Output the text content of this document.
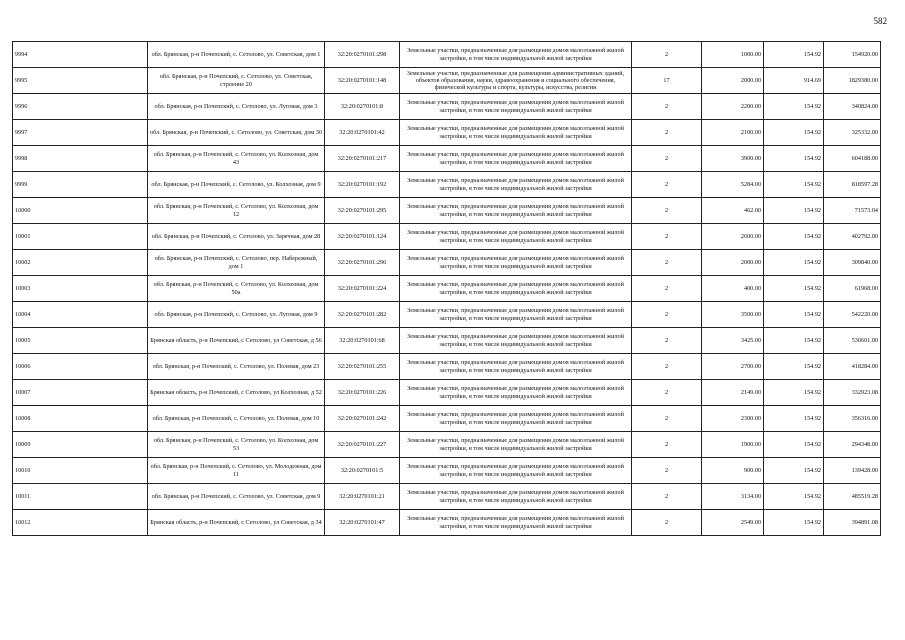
582
9994	обл. Брянская, р-н Почепский, с. Сетолово, ул. Советская, дом 1	32:20:0270101:298	Земельные участки, предназначенные для размещения домов малоэтажной жилой застройки, в том числе индивидуальной жилой застройки	2	1000.00	154.92	154920.00
9995	обл. Брянская, р-н Почепский, с. Сетолово, ул. Советская, строение 20	32:20:0270101:148	Земельные участки, предназначенные для размещения административных зданий, объектов образования, науки, здравоохранения и социального обеспечения, физической культуры и спорта, культуры, искусства, религии	17	2000.00	914.69	1829380.00
9996	обл. Брянская, р-н Почепский, с. Сетолово, ул. Луговая, дом 3	32:20:0270101:8	Земельные участки, предназначенные для размещения домов малоэтажной жилой застройки, в том числе индивидуальной жилой застройки	2	2200.00	154.92	340824.00
9997	обл. Брянская, р-н Почепский, с. Сетолово, ул. Советская, дом 30	32:20:0270101:42	Земельные участки, предназначенные для размещения домов малоэтажной жилой застройки, в том числе индивидуальной жилой застройки	2	2100.00	154.92	325332.00
9998	обл. Брянская, р-н Почепский, с. Сетолово, ул. Колхозная, дом 43	32:20:0270101:217	Земельные участки, предназначенные для размещения домов малоэтажной жилой застройки, в том числе индивидуальной жилой застройки	2	3900.00	154.92	604188.00
9999	обл. Брянская, р-н Почепский, с. Сетолово, ул. Колхозная, дом 9	32:20:0270101:192	Земельные участки, предназначенные для размещения домов малоэтажной жилой застройки, в том числе индивидуальной жилой застройки	2	5284.00	154.92	818597.28
10000	обл. Брянская, р-н Почепский, с. Сетолово, ул. Колхозная, дом 12	32:20:0270101:295	Земельные участки, предназначенные для размещения домов малоэтажной жилой застройки, в том числе индивидуальной жилой застройки	2	462.00	154.92	71573.04
10001	обл. Брянская, р-н Почепский, с. Сетолово, ул. Заречная, дом 28	32:20:0270101:124	Земельные участки, предназначенные для размещения домов малоэтажной жилой застройки, в том числе индивидуальной жилой застройки	2	2600.00	154.92	402792.00
10002	обл. Брянская, р-н Почепский, с. Сетолово, пер. Набережный, дом 1	32:20:0270101:296	Земельные участки, предназначенные для размещения домов малоэтажной жилой застройки, в том числе индивидуальной жилой застройки	2	2000.00	154.92	309840.00
10003	обл. Брянская, р-н Почепский, с. Сетолово, ул. Колхозная, дом 50а	32:20:0270101:224	Земельные участки, предназначенные для размещения домов малоэтажной жилой застройки, в том числе индивидуальной жилой застройки	2	400.00	154.92	61968.00
10004	обл. Брянская, р-н Почепский, с. Сетолово, ул. Луговая, дом 9	32:20:0270101:282	Земельные участки, предназначенные для размещения домов малоэтажной жилой застройки, в том числе индивидуальной жилой застройки	2	3500.00	154.92	542220.00
10005	Брянская область, р-н Почепский, с Сетолово, ул Советская, д 56	32:20:0270101:68	Земельные участки, предназначенные для размещения домов малоэтажной жилой застройки, в том числе индивидуальной жилой застройки	2	3425.00	154.92	530601.00
10006	обл. Брянская, р-н Почепский, с. Сетолово, ул. Полевая, дом 23	32:20:0270101:255	Земельные участки, предназначенные для размещения домов малоэтажной жилой застройки, в том числе индивидуальной жилой застройки	2	2700.00	154.92	418284.00
10007	Брянская область, р-н Почепский, с Сетолово, ул Колхозная, д 52	32:20:0270101:226	Земельные участки, предназначенные для размещения домов малоэтажной жилой застройки, в том числе индивидуальной жилой застройки	2	2149.00	154.92	332923.08
10008	обл. Брянская, р-н Почепский, с. Сетолово, ул. Полевая, дом 10	32:20:0270101:242	Земельные участки, предназначенные для размещения домов малоэтажной жилой застройки, в том числе индивидуальной жилой застройки	2	2300.00	154.92	356316.00
10009	обл. Брянская, р-н Почепский, с. Сетолово, ул. Колхозная, дом 53	32:20:0270101:227	Земельные участки, предназначенные для размещения домов малоэтажной жилой застройки, в том числе индивидуальной жилой застройки	2	1900.00	154.92	294348.00
10010	обл. Брянская, р-н Почепский, с. Сетолово, ул. Молодежная, дом 11	32:20:0270101:5	Земельные участки, предназначенные для размещения домов малоэтажной жилой застройки, в том числе индивидуальной жилой застройки	2	900.00	154.92	139428.00
10011	обл. Брянская, р-н Почепский, с. Сетолово, ул. Советская, дом 9	32:20:0270101:21	Земельные участки, предназначенные для размещения домов малоэтажной жилой застройки, в том числе индивидуальной жилой застройки	2	3134.00	154.92	485519.28
10012	Брянская область, р-н Почепский, с Сетолово, ул Советская, д 34	32:20:0270101:47	Земельные участки, предназначенные для размещения домов малоэтажной жилой застройки, в том числе индивидуальной жилой застройки	2	2549.00	154.92	394891.08
